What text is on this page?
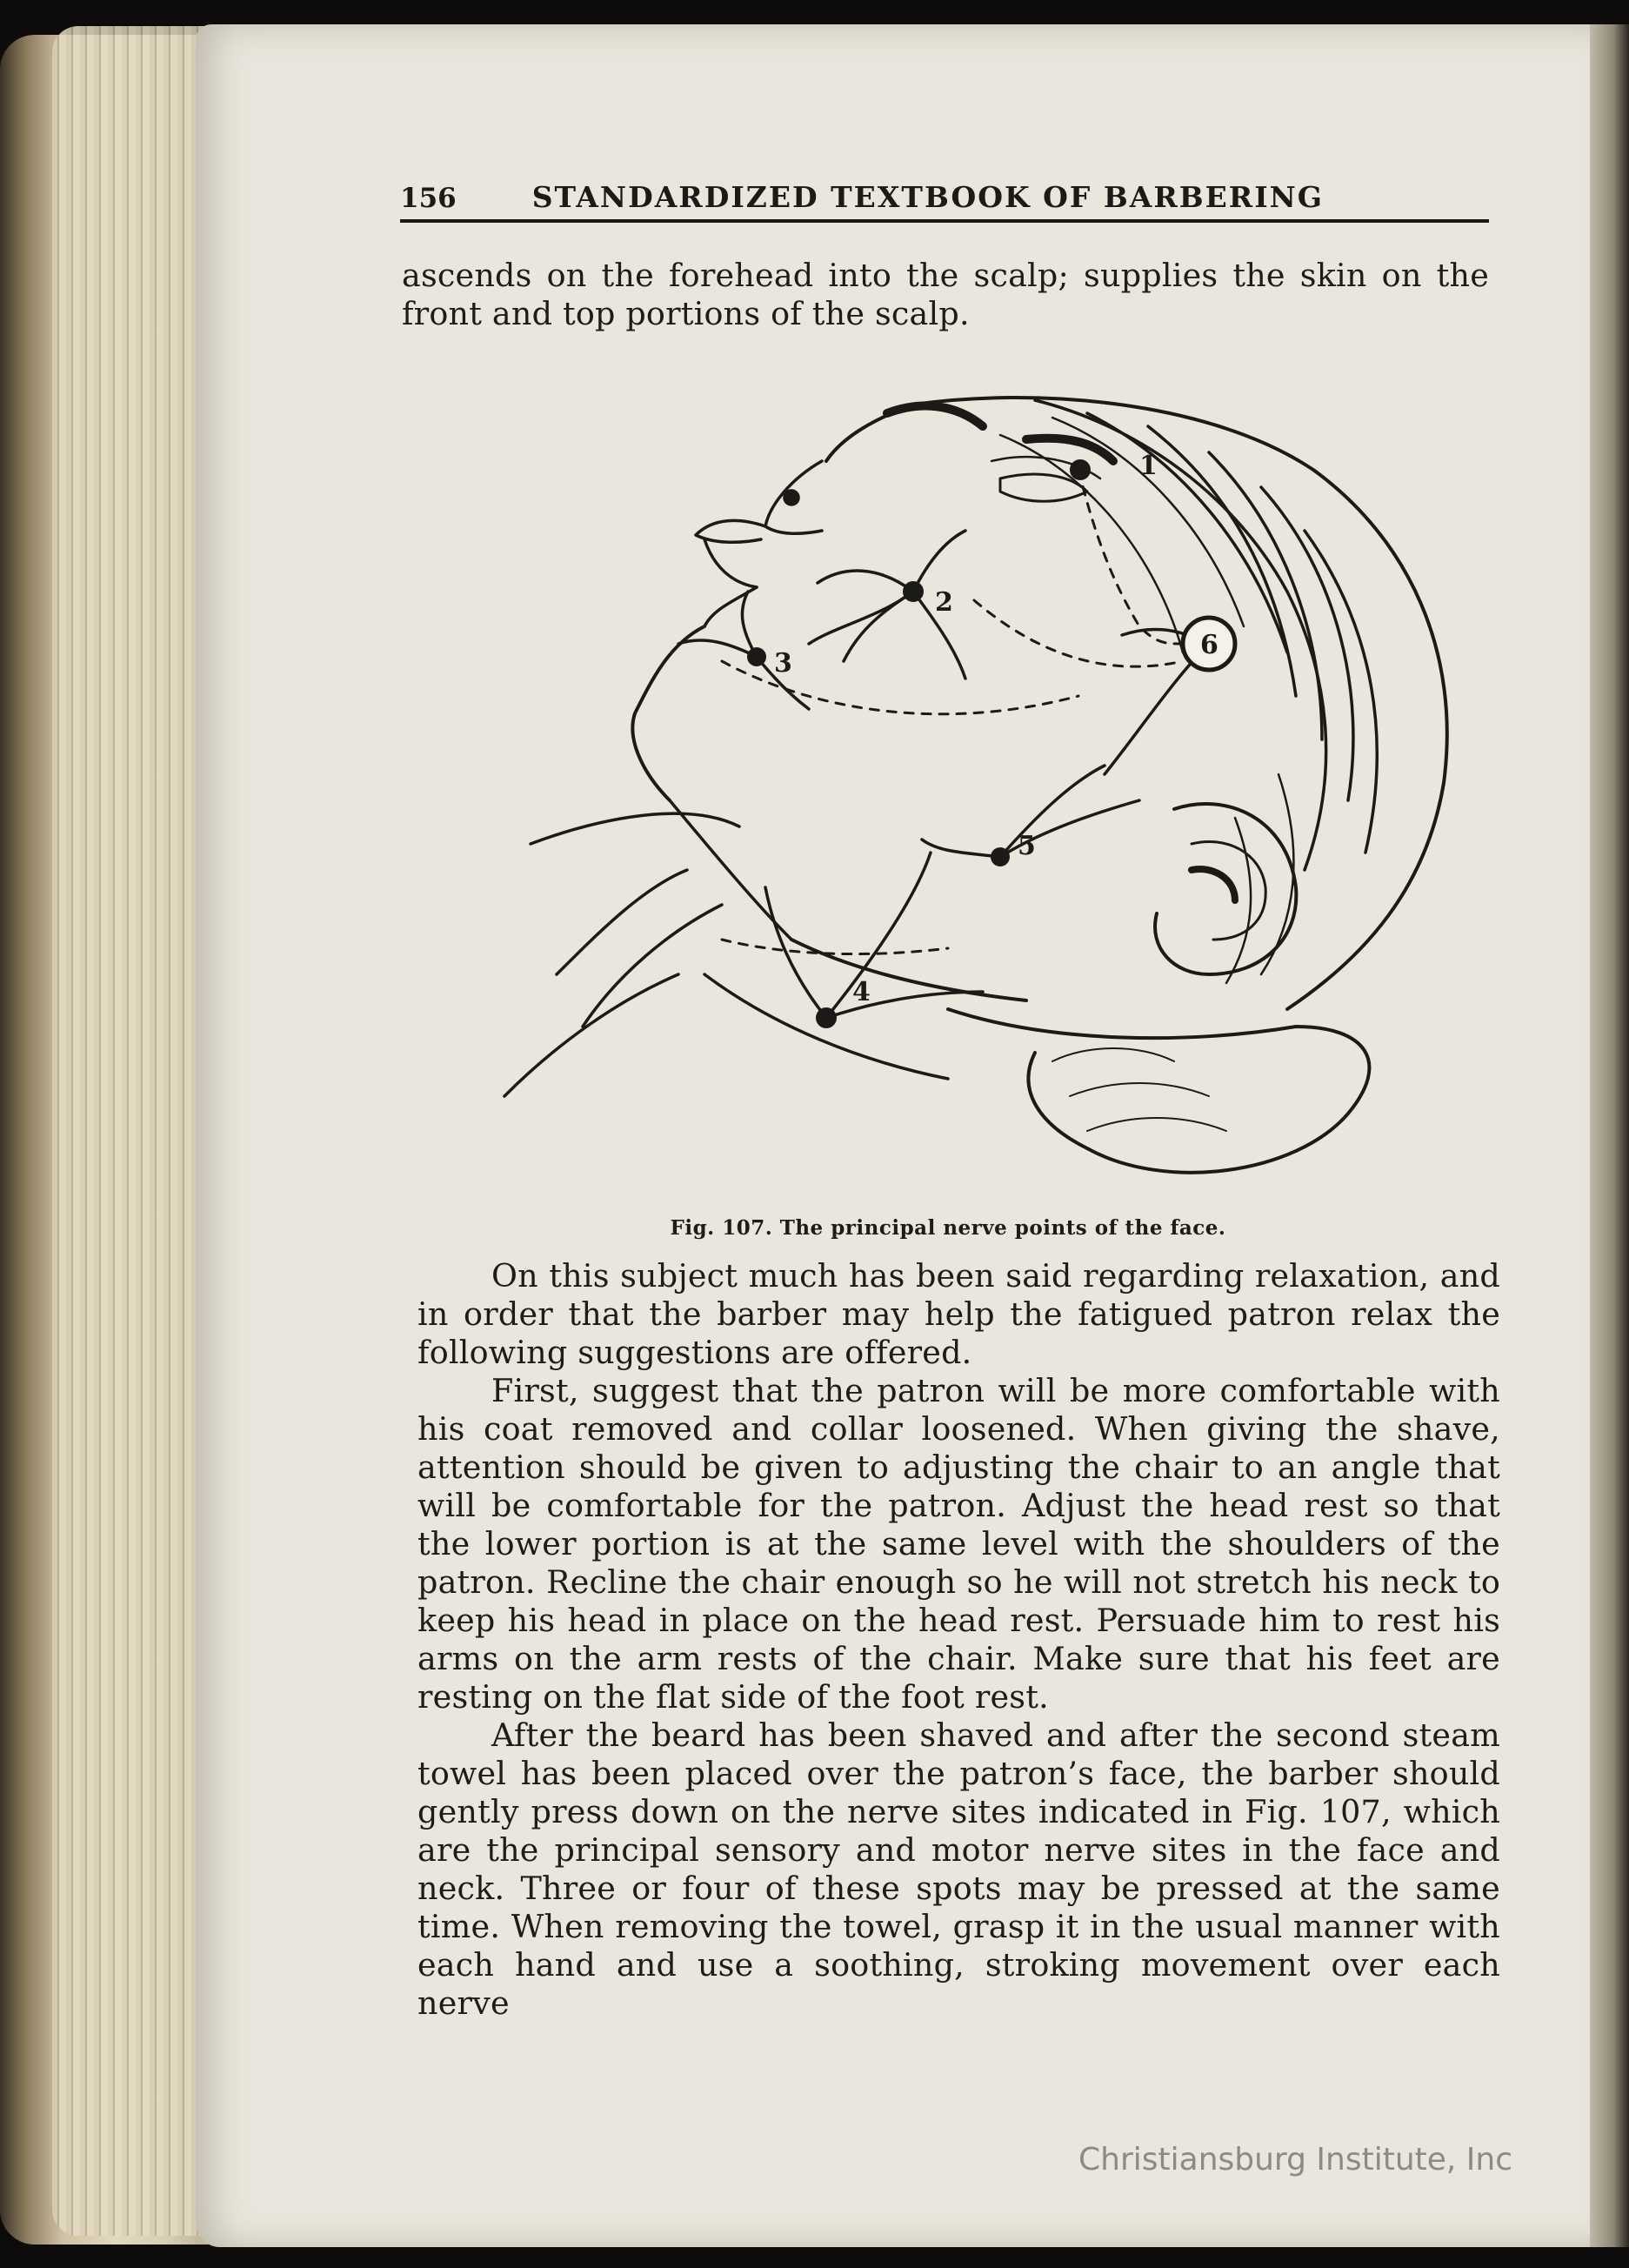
156	STANDARDIZED TEXTBOOK OF BARBERING

ascends on the forehead into the scalp; supplies the skin on the front and top portions of the scalp.

1
2
3
4
5
6
Fig. 107. The principal nerve points of the face.

On this subject much has been said regarding relaxation, and in order that the barber may help the fatigued patron relax the following suggestions are offered.

First, suggest that the patron will be more comfortable with his coat removed and collar loosened. When giving the shave, attention should be given to adjusting the chair to an angle that will be comfortable for the patron. Adjust the head rest so that the lower portion is at the same level with the shoulders of the patron. Recline the chair enough so he will not stretch his neck to keep his head in place on the head rest. Persuade him to rest his arms on the arm rests of the chair. Make sure that his feet are resting on the flat side of the foot rest.

After the beard has been shaved and after the second steam towel has been placed over the patron’s face, the barber should gently press down on the nerve sites indicated in Fig. 107, which are the principal sensory and motor nerve sites in the face and neck. Three or four of these spots may be pressed at the same time. When removing the towel, grasp it in the usual manner with each hand and use a soothing, stroking movement over each nerve

Christiansburg Institute, Inc
